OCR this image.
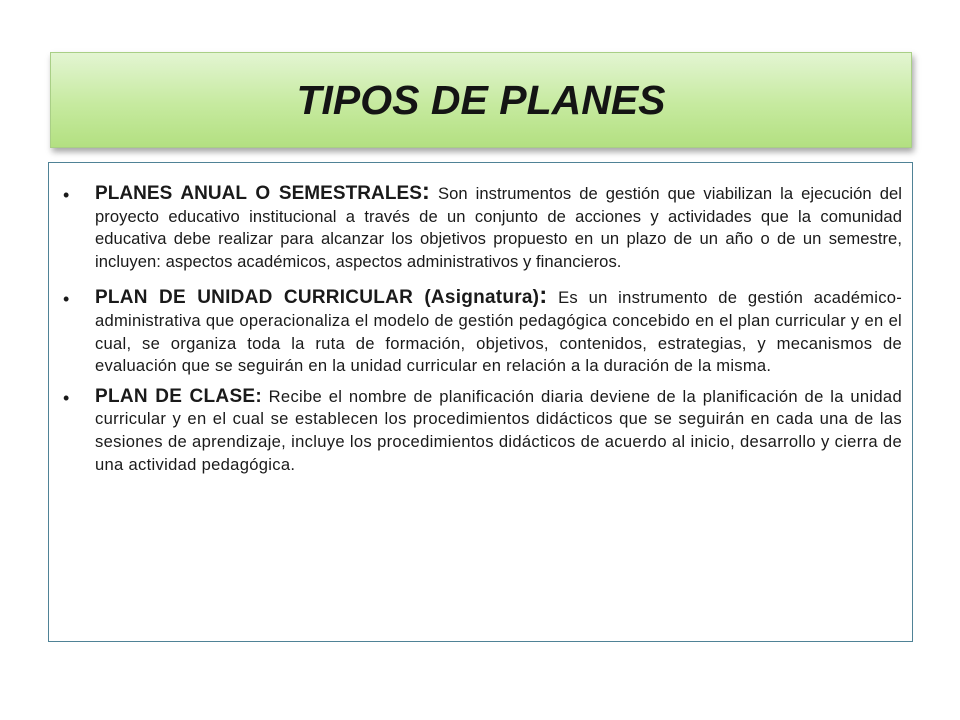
TIPOS DE PLANES
• PLANES ANUAL O SEMESTRALES: Son instrumentos de gestión que viabilizan la ejecución del proyecto educativo institucional a través de un conjunto de acciones y actividades que la comunidad educativa debe realizar para alcanzar los objetivos propuesto en un plazo de un año o de un semestre, incluyen: aspectos académicos, aspectos administrativos y financieros.
• PLAN DE UNIDAD CURRICULAR (Asignatura): Es un instrumento de gestión académico-administrativa que operacionaliza el modelo de gestión pedagógica concebido en el plan curricular y en el cual, se organiza toda la ruta de formación, objetivos, contenidos, estrategias, y mecanismos de evaluación que se seguirán en la unidad curricular en relación a la duración de la misma.
• PLAN DE CLASE: Recibe el nombre de planificación diaria deviene de la planificación de la unidad curricular y en el cual se establecen los procedimientos didácticos que se seguirán en cada una de las sesiones de aprendizaje, incluye los procedimientos didácticos de acuerdo al inicio, desarrollo y cierra de una actividad pedagógica.
